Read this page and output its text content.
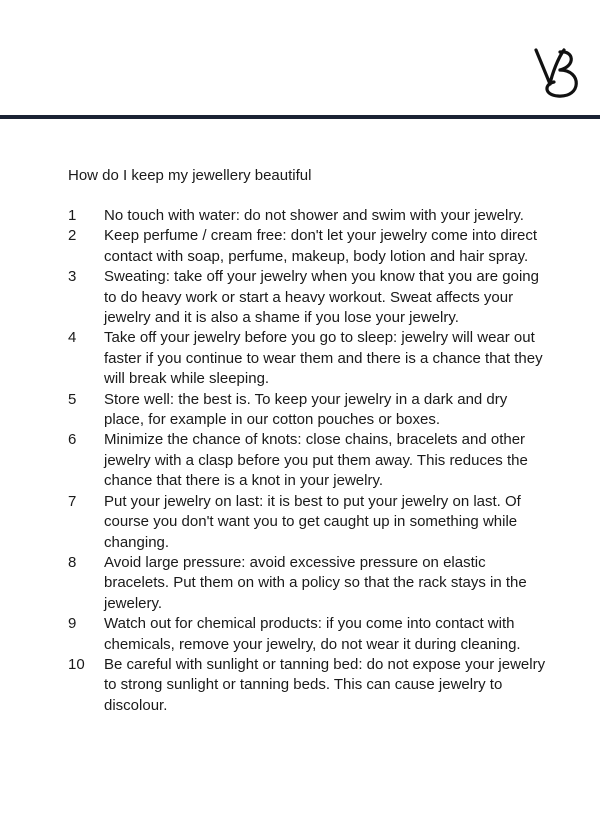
How do I keep my jewellery beautiful
1	No touch with water: do not shower and swim with your jewelry.
2	Keep perfume / cream free: don't let your jewelry come into direct contact with soap, perfume, makeup, body lotion and hair spray.
3	Sweating: take off your jewelry when you know that you are going to do heavy work or start a heavy workout. Sweat affects your jewelry and it is also a shame if you lose your jewelry.
4	Take off your jewelry before you go to sleep: jewelry will wear out faster if you continue to wear them and there is a chance that they will break while sleeping.
5	Store well: the best is. To keep your jewelry in a dark and dry place, for example in our cotton pouches or boxes.
6	Minimize the chance of knots: close chains, bracelets and other jewelry with a clasp before you put them away. This reduces the chance that there is a knot in your jewelry.
7	Put your jewelry on last: it is best to put your jewelry on last. Of course you don't want you to get caught up in something while changing.
8	Avoid large pressure: avoid excessive pressure on elastic bracelets. Put them on with a policy so that the rack stays in the jewelery.
9	Watch out for chemical products: if you come into contact with chemicals, remove your jewelry, do not wear it during cleaning.
10	Be careful with sunlight or tanning bed: do not expose your jewelry to strong sunlight or tanning beds. This can cause jewelry to discolour.
